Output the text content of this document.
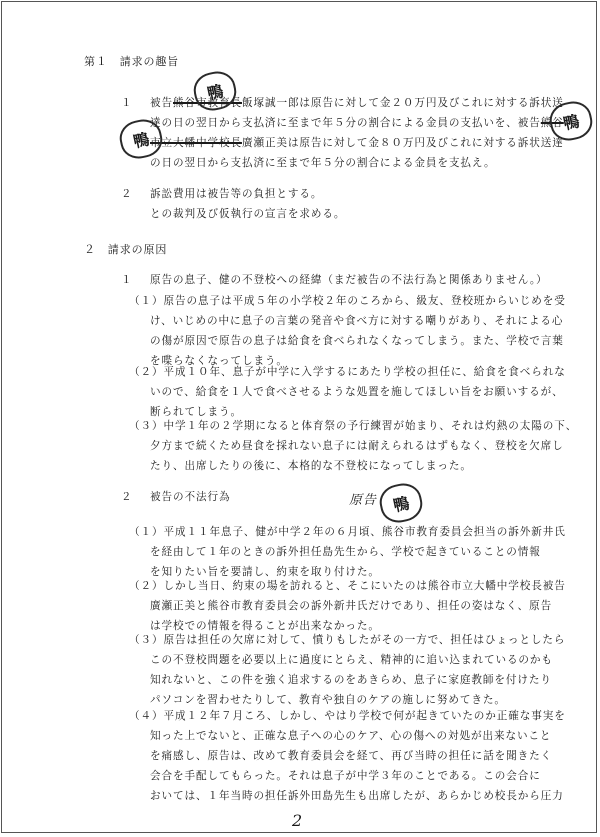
第１　請求の趣旨
１ 被告熊谷市教育長飯塚誠一郎は原告に対して金２０万円及びこれに対する訴状送
達の日の翌日から支払済に至まで年５分の割合による金員の支払いを、被告熊谷
市立大幡中学校長廣瀬正美は原告に対して金８０万円及びこれに対する訴状送達
の日の翌日から支払済に至まで年５分の割合による金員を支払え。
２ 訴訟費用は被告等の負担とする。
との裁判及び仮執行の宣言を求める。
２　請求の原因
１ 原告の息子、健の不登校への経緯（まだ被告の不法行為と関係ありません。）
（１）原告の息子は平成５年の小学校２年のころから、級友、登校班からいじめを受
け、いじめの中に息子の言葉の発音や食べ方に対する嘲りがあり、それによる心
の傷が原因で原告の息子は給食を食べられなくなってしまう。また、学校で言葉
を喋らなくなってしまう。
（２）平成１０年、息子が中学に入学するにあたり学校の担任に、給食を食べられな
いので、給食を１人で食べさせるような処置を施してほしい旨をお願いするが、
断られてしまう。
（３）中学１年の２学期になると体育祭の予行練習が始まり、それは灼熱の太陽の下、
夕方まで続くため昼食を採れない息子には耐えられるはずもなく、登校を欠席し
たり、出席したりの後に、本格的な不登校になってしまった。
２ 被告の不法行為	原告
（１）平成１１年息子、健が中学２年の６月頃、熊谷市教育委員会担当の訴外新井氏
を経由して１年のときの訴外担任島先生から、学校で起きていることの情報
を知りたい旨を要請し、約束を取り付けた。
（２）しかし当日、約束の場を訪れると、そこにいたのは熊谷市立大幡中学校長被告
廣瀬正美と熊谷市教育委員会の訴外新井氏だけであり、担任の姿はなく、原告
は学校での情報を得ることが出来なかった。
（３）原告は担任の欠席に対して、憤りもしたがその一方で、担任はひょっとしたら
この不登校問題を必要以上に過度にとらえ、精神的に追い込まれているのかも
知れないと、この件を強く追求するのをあきらめ、息子に家庭教師を付けたり
パソコンを習わせたりして、教育や独自のケアの施しに努めてきた。
（４）平成１２年７月ころ、しかし、やはり学校で何が起きていたのか正確な事実を
知った上でないと、正確な息子への心のケア、心の傷への対処が出来ないこと
を痛感し、原告は、改めて教育委員会を経て、再び当時の担任に話を聞きたく
会合を手配してもらった。それは息子が中学３年のことである。この会合に
おいては、１年当時の担任訴外田島先生も出席したが、あらかじめ校長から圧力
鴨
鴨
鴨
鴨
2
